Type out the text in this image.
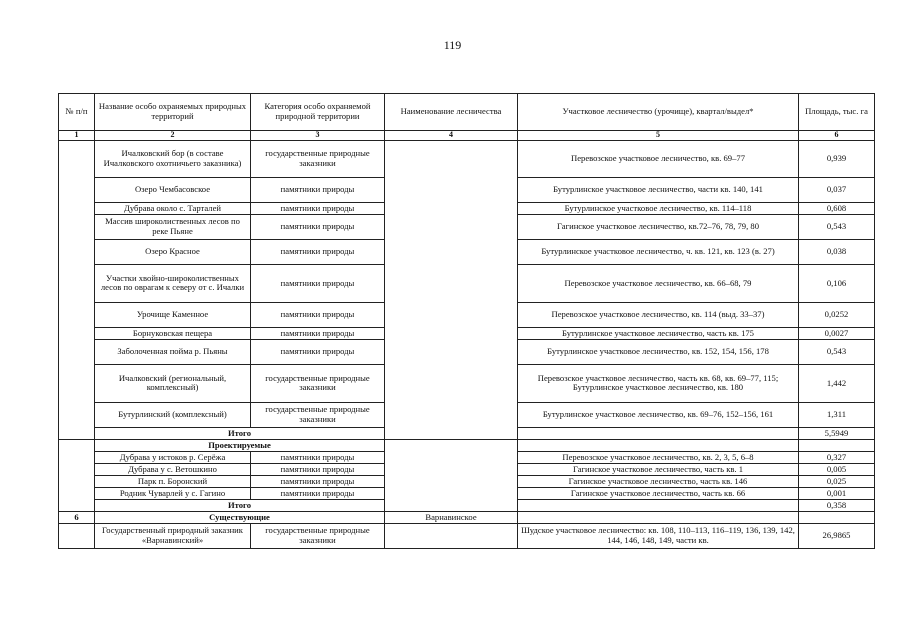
119
№ п/п	Название особо охраняемых природных территорий	Категория особо охраняемой природной территории	Наименование лесничества	Участковое лесничество (урочище), квартал/выдел*	Площадь, тыс. га
1	2	3	4	5	6
	Ичалковский бор (в составе Ичалковского охотничьего заказника)	государственные природные заказники		Перевозское участковое лесничество, кв. 69–77	0,939
	Озеро Чембасовское	памятники природы		Бутурлинское участковое лесничество, части кв. 140, 141	0,037
	Дубрава около с. Тарталей	памятники природы		Бутурлинское участковое лесничество, кв. 114–118	0,608
	Массив широколиственных лесов по реке Пьяне	памятники природы		Гагинское участковое лесничество, кв.72–76, 78, 79, 80	0,543
	Озеро Красное	памятники природы		Бутурлинское участковое лесничество, ч. кв. 121, кв. 123 (в. 27)	0,038
	Участки хвойно-широколиственных лесов по оврагам к северу от с. Ичалки	памятники природы		Перевозское участковое лесничество, кв. 66–68, 79	0,106
	Урочище Каменное	памятники природы		Перевозское участковое лесничество, кв. 114 (выд. 33–37)	0,0252
	Борнуковская пещера	памятники природы		Бутурлинское участковое лесничество, часть кв. 175	0,0027
	Заболоченная пойма р. Пьяны	памятники природы		Бутурлинское участковое лесничество, кв. 152, 154, 156, 178	0,543
	Ичалковский (региональный, комплексный)	государственные природные заказники		Перевозское участковое лесничество, часть кв. 68, кв. 69–77, 115; Бутурлинское участковое лесничество, кв. 180	1,442
	Бутурлинский (комплексный)	государственные природные заказники		Бутурлинское участковое лесничество, кв. 69–76, 152–156, 161	1,311
	Итого				5,5949
	Проектируемые				
	Дубрава у истоков р. Серёжа	памятники природы		Перевозское участковое лесничество, кв. 2, 3, 5, 6–8	0,327
	Дубрава у с. Ветошкино	памятники природы		Гагинское участковое лесничество, часть кв. 1	0,005
	Парк п. Боронский	памятники природы		Гагинское участковое лесничество, часть кв. 146	0,025
	Родник Чуварлей у с. Гагино	памятники природы		Гагинское участковое лесничество, часть кв. 66	0,001
	Итого				0,358
6	Существующие		Варнавинское		
	Государственный природный заказник «Варнавинский»	государственные природные заказники		Шудское участковое лесничество: кв. 108, 110–113, 116–119, 136, 139, 142, 144, 146, 148, 149, части кв.	26,9865
